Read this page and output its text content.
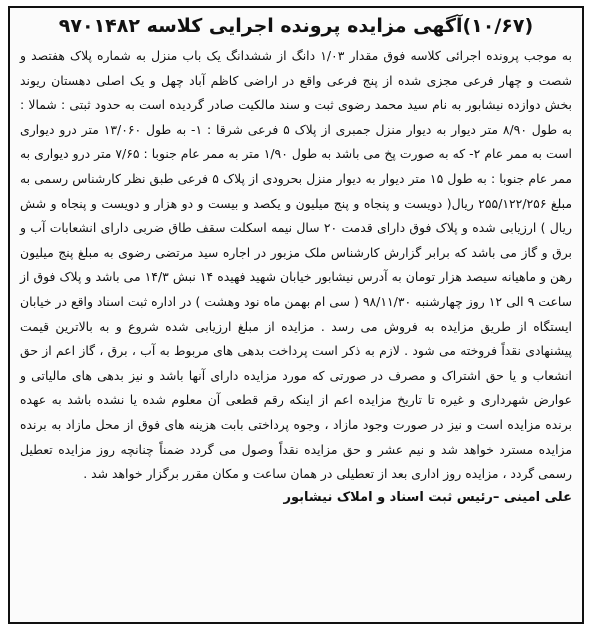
(۱۰/۶۷)آگهی مزایده پرونده اجرایی کلاسه ۹۷۰۱۴۸۲

به موجب پرونده اجرائی کلاسه فوق مقدار ۱/۰۳ دانگ از ششدانگ یک باب منزل به شماره پلاک هفتصد و شصت و چهار فرعی مجزی شده از پنج فرعی واقع در اراضی کاظم آباد چهل و یک اصلی دهستان ریوند بخش دوازده نیشابور به نام سید محمد رضوی ثبت و سند مالکیت صادر گردیده است به حدود ثبتی : شمالا : به طول ۸/۹۰ متر دیوار به دیوار منزل جمبری از پلاک ۵ فرعی شرقا : ۱- به طول ۱۳/۰۶۰ متر درو دیواری است به ممر عام ۲- که به صورت پخ می باشد به طول ۱/۹۰ متر به ممر عام جنوبا : ۷/۶۵ متر درو دیواری به ممر عام جنوبا : به طول ۱۵ متر دیوار به دیوار منزل بحرودی از پلاک ۵ فرعی طبق نظر کارشناس رسمی به مبلغ ۲۵۵/۱۲۲/۲۵۶ ریال( دویست و پنجاه و پنج میلیون و یکصد و بیست و دو هزار و دویست و پنجاه و شش ریال ) ارزیابی شده و پلاک فوق دارای قدمت ۲۰ سال نیمه اسکلت سقف طاق ضربی دارای انشعابات آب و برق و گاز می باشد که برابر گزارش کارشناس ملک مزبور در اجاره سید مرتضی رضوی به مبلغ پنج میلیون رهن و ماهیانه سیصد هزار تومان به آدرس نیشابور خیابان شهید فهیده ۱۴ نبش ۱۴/۳ می باشد و پلاک فوق از ساعت ۹ الی ۱۲ روز چهارشنبه ۹۸/۱۱/۳۰ ( سی ام بهمن ماه نود وهشت ) در اداره ثبت اسناد واقع در خیابان ایستگاه از طریق مزایده به فروش می رسد . مزایده از مبلغ ارزیابی شده شروع و به بالاترین قیمت پیشنهادی نقداً فروخته می شود . لازم به ذکر است پرداخت بدهی های مربوط به آب ، برق ، گاز اعم از حق انشعاب و یا حق اشتراک و مصرف در صورتی که مورد مزایده دارای آنها باشد و نیز بدهی های مالیاتی و عوارض شهرداری و غیره تا تاریخ مزایده اعم از اینکه رقم قطعی آن معلوم شده یا نشده باشد به عهده برنده مزایده است و نیز در صورت وجود مازاد ، وجوه پرداختی بابت هزینه های فوق از محل مازاد به برنده مزایده مسترد خواهد شد و نیم عشر و حق مزایده نقداً وصول می گردد ضمناً چنانچه روز مزایده تعطیل رسمی گردد ، مزایده روز اداری بعد از تعطیلی در همان ساعت و مکان مقرر برگزار خواهد شد .

علی امینی –رئیس ثبت اسناد و املاک نیشابور
